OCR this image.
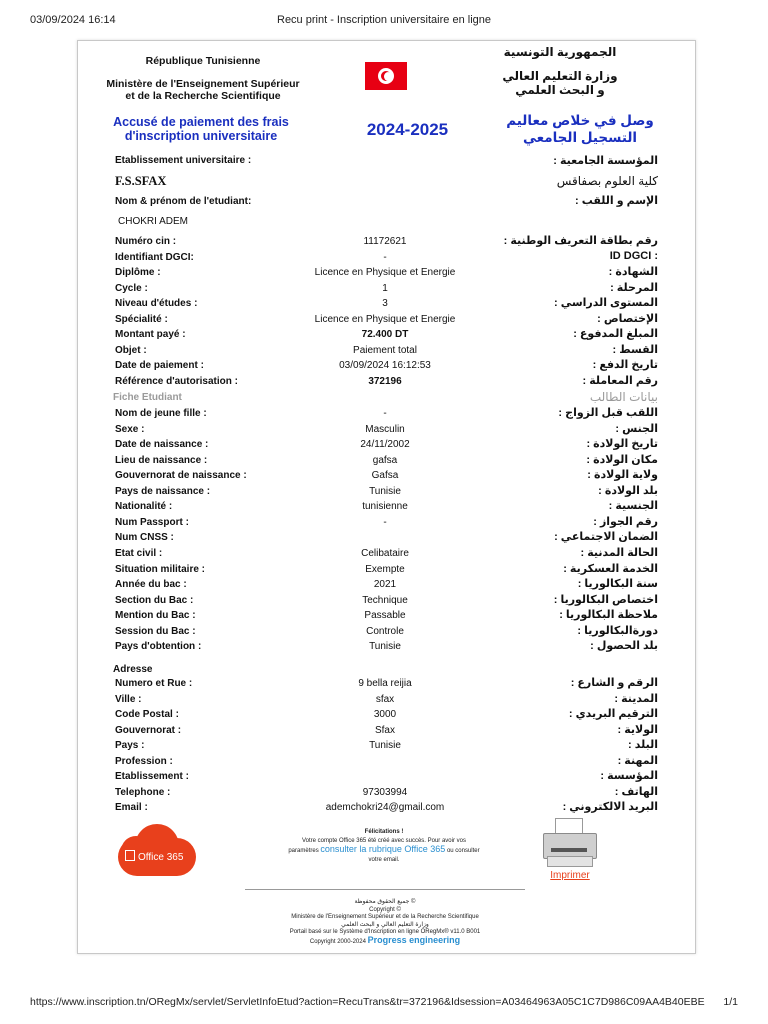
03/09/2024 16:14	Recu print - Inscription universitaire en ligne
République Tunisienne
Ministère de l'Enseignement Supérieur
et de la Recherche Scientifique
الجمهورية التونسية
وزارة التعليم العالي
و البحث العلمي
Accusé de paiement des frais
d'inscription universitaire	2024-2025	وصل في خلاص معاليم
التسجيل الجامعي
Etablissement universitaire :	المؤسسة الجامعية :
F.S.SFAX	كلية العلوم بصفاقس
Nom & prénom de l'etudiant:	الإسم و اللقب :
CHOKRI ADEM
Numéro cin :	11172621	رقم بطاقة التعريف الوطنية :
Identifiant DGCI:	-	: ID DGCI
Diplôme :	Licence en Physique et Energie	الشهادة :
Cycle :	1	المرحلة :
Niveau d'études :	3	المستوى الدراسي :
Spécialité :	Licence en Physique et Energie	الإختصاص :
Montant payé :	72.400 DT	المبلغ المدفوع :
Objet :	Paiement total	القسط :
Date de paiement :	03/09/2024 16:12:53	تاريخ الدفع :
Référence d'autorisation :	372196	رقم المعاملة :
Fiche Etudiant	بيانات الطالب
Nom de jeune fille :	-	اللقب قبل الزواج :
Sexe :	Masculin	الجنس :
Date de naissance :	24/11/2002	تاريخ الولادة :
Lieu de naissance :	gafsa	مكان الولادة :
Gouvernorat de naissance :	Gafsa	ولاية الولادة :
Pays de naissance :	Tunisie	بلد الولادة :
Nationalité :	tunisienne	الجنسية :
Num Passport :	-	رقم الجواز :
Num CNSS :	الضمان الاجتماعي :
Etat civil :	Celibataire	الحالة المدنية :
Situation militaire :	Exempte	الخدمة العسكرية :
Année du bac :	2021	سنة البكالوريا :
Section du Bac :	Technique	اختصاص البكالوريا :
Mention du Bac :	Passable	ملاحظة البكالوريا :
Session du Bac :	Controle	دورةالبكالوريا :
Pays d'obtention :	Tunisie	بلد الحصول :
Adresse
Numero et Rue :	9 bella reijia	الرقم و الشارع :
Ville :	sfax	المدينة :
Code Postal :	3000	الترقيم البريدي :
Gouvernorat :	Sfax	الولاية :
Pays :	Tunisie	البلد :
Profession :	المهنة :
Etablissement :	المؤسسة :
Telephone :	97303994	الهاتف :
Email :	ademchokri24@gmail.com	البريد الالكتروني :
Office 365
Félicitations !
Votre compte Office 365 été créé avec succès. Pour avoir vos paramètres consulter la rubrique Office 365 ou consulter votre email.
Imprimer
جميع الحقوق محفوظة ©
Copyright ©
Ministère de l'Enseignement Supérieur et de la Recherche Scientifique
وزارة التعليم العالي و البحث العلمي
Portail basé sur le Système d'Inscription en ligne ORegMx® v11.0 B001
Copyright 2000-2024 Progress engineering
https://www.inscription.tn/ORegMx/servlet/ServletInfoEtud?action=RecuTrans&tr=372196&Idsession=A03464963A05C1C7D986C09AA4B40EBE 1/1
